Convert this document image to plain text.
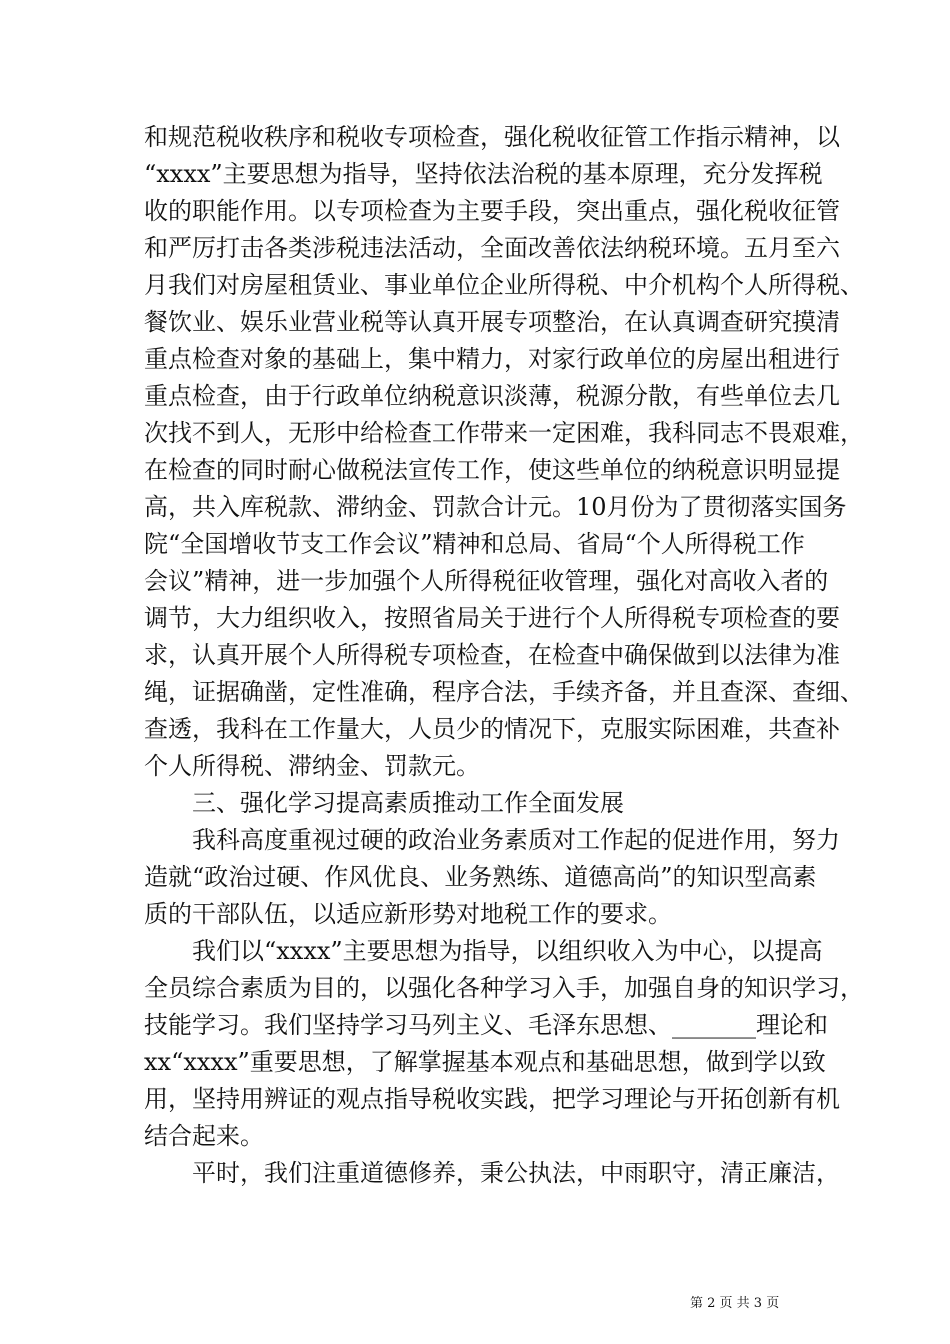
和规范税收秩序和税收专项检查，强化税收征管工作指示精神，以
“xxxx”主要思想为指导，坚持依法治税的基本原理，充分发挥税
收的职能作用。以专项检查为主要手段，突出重点，强化税收征管
和严厉打击各类涉税违法活动，全面改善依法纳税环境。五月至六
月我们对房屋租赁业、事业单位企业所得税、中介机构个人所得税、
餐饮业、娱乐业营业税等认真开展专项整治，在认真调查研究摸清
重点检查对象的基础上，集中精力，对家行政单位的房屋出租进行
重点检查，由于行政单位纳税意识淡薄，税源分散，有些单位去几
次找不到人，无形中给检查工作带来一定困难，我科同志不畏艰难，
在检查的同时耐心做税法宣传工作，使这些单位的纳税意识明显提
高，共入库税款、滞纳金、罚款合计元。10月份为了贯彻落实国务
院“全国增收节支工作会议”精神和总局、省局“个人所得税工作
会议”精神，进一步加强个人所得税征收管理，强化对高收入者的
调节，大力组织收入，按照省局关于进行个人所得税专项检查的要
求，认真开展个人所得税专项检查，在检查中确保做到以法律为准
绳，证据确凿，定性准确，程序合法，手续齐备，并且查深、查细、
查透，我科在工作量大，人员少的情况下，克服实际困难，共查补
个人所得税、滞纳金、罚款元。
三、强化学习提高素质推动工作全面发展
我科高度重视过硬的政治业务素质对工作起的促进作用，努力
造就“政治过硬、作风优良、业务熟练、道德高尚”的知识型高素
质的干部队伍，以适应新形势对地税工作的要求。
我们以“xxxx”主要思想为指导，以组织收入为中心，以提高
全员综合素质为目的，以强化各种学习入手，加强自身的知识学习，
技能学习。我们坚持学习马列主义、毛泽东思想、_______理论和
xx“xxxx”重要思想，了解掌握基本观点和基础思想，做到学以致
用，坚持用辨证的观点指导税收实践，把学习理论与开拓创新有机
结合起来。
平时，我们注重道德修养，秉公执法，中雨职守，清正廉洁，
第 2 页 共 3 页
